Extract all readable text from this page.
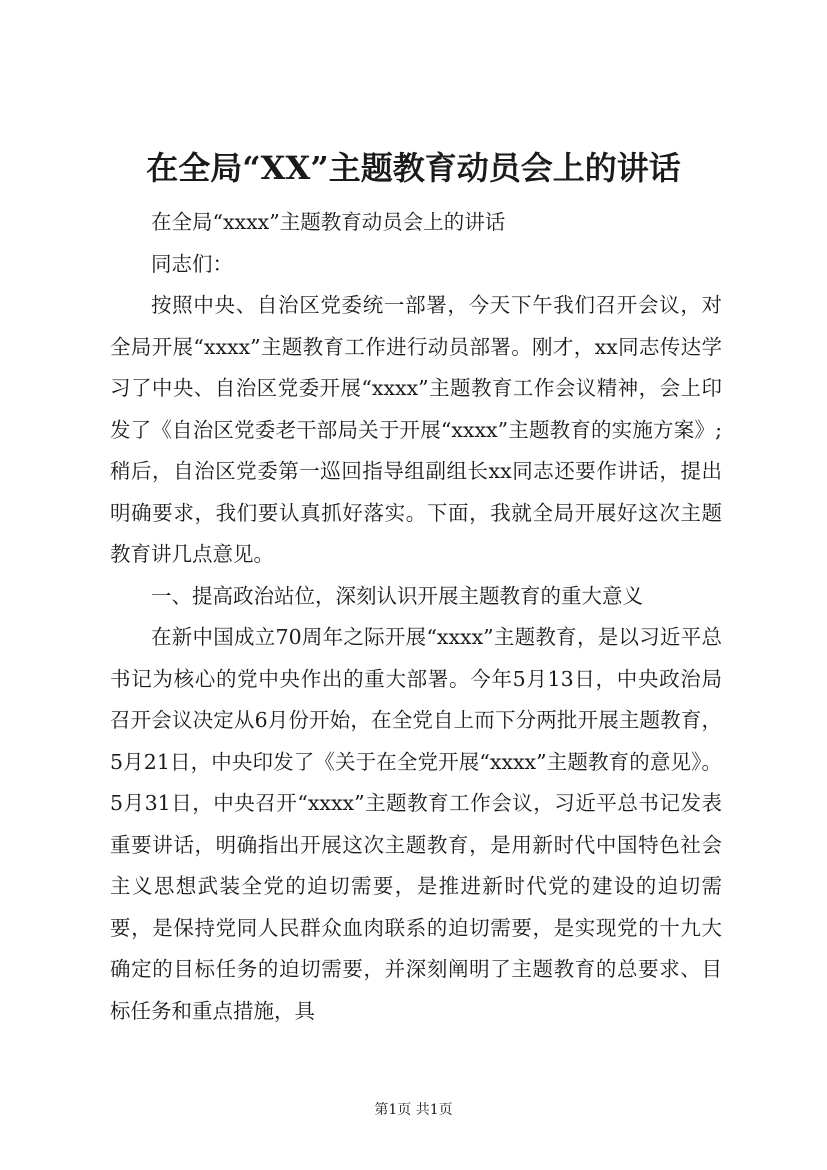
在全局“XX”主题教育动员会上的讲话

在全局“xxxx”主题教育动员会上的讲话

同志们：

按照中央、自治区党委统一部署，今天下午我们召开会议，对全局开展“xxxx”主题教育工作进行动员部署。刚才，xx同志传达学习了中央、自治区党委开展“xxxx”主题教育工作会议精神，会上印发了《自治区党委老干部局关于开展“xxxx”主题教育的实施方案》;稍后，自治区党委第一巡回指导组副组长xx同志还要作讲话，提出明确要求，我们要认真抓好落实。下面，我就全局开展好这次主题教育讲几点意见。

一、提高政治站位，深刻认识开展主题教育的重大意义

在新中国成立70周年之际开展“xxxx”主题教育，是以习近平总书记为核心的党中央作出的重大部署。今年5月13日，中央政治局召开会议决定从6月份开始，在全党自上而下分两批开展主题教育，5月21日，中央印发了《关于在全党开展“xxxx”主题教育的意见》。5月31日，中央召开“xxxx”主题教育工作会议，习近平总书记发表重要讲话，明确指出开展这次主题教育，是用新时代中国特色社会主义思想武装全党的迫切需要，是推进新时代党的建设的迫切需要，是保持党同人民群众血肉联系的迫切需要，是实现党的十九大确定的目标任务的迫切需要，并深刻阐明了主题教育的总要求、目标任务和重点措施，具

第1页 共1页
